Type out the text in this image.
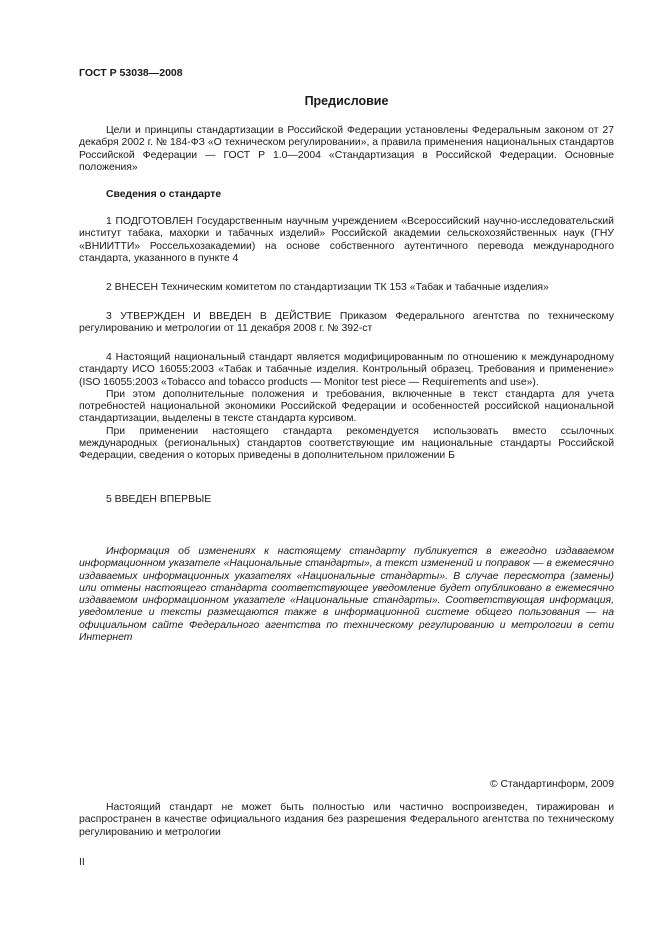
ГОСТ Р 53038—2008
Предисловие

Цели и принципы стандартизации в Российской Федерации установлены Федеральным законом от 27 декабря 2002 г. № 184-ФЗ «О техническом регулировании», а правила применения национальных стандартов Российской Федерации — ГОСТ Р 1.0—2004 «Стандартизация в Российской Федерации. Основные положения»

Сведения о стандарте

1 ПОДГОТОВЛЕН Государственным научным учреждением «Всероссийский научно-исследовательский институт табака, махорки и табачных изделий» Российской академии сельскохозяйственных наук (ГНУ «ВНИИТТИ» Россельхозакадемии) на основе собственного аутентичного перевода международного стандарта, указанного в пункте 4

2 ВНЕСЕН Техническим комитетом по стандартизации ТК 153 «Табак и табачные изделия»

3 УТВЕРЖДЕН И ВВЕДЕН В ДЕЙСТВИЕ Приказом Федерального агентства по техническому регулированию и метрологии от 11 декабря 2008 г. № 392-ст

4 Настоящий национальный стандарт является модифицированным по отношению к международному стандарту ИСО 16055:2003 «Табак и табачные изделия. Контрольный образец. Требования и применение» (ISO 16055:2003 «Tobacco and tobacco products — Monitor test piece — Requirements and use»).

При этом дополнительные положения и требования, включенные в текст стандарта для учета потребностей национальной экономики Российской Федерации и особенностей российской национальной стандартизации, выделены в тексте стандарта курсивом.

При применении настоящего стандарта рекомендуется использовать вместо ссылочных международных (региональных) стандартов соответствующие им национальные стандарты Российской Федерации, сведения о которых приведены в дополнительном приложении Б

5 ВВЕДЕН ВПЕРВЫЕ

Информация об изменениях к настоящему стандарту публикуется в ежегодно издаваемом информационном указателе «Национальные стандарты», а текст изменений и поправок — в ежемесячно издаваемых информационных указателях «Национальные стандарты». В случае пересмотра (замены) или отмены настоящего стандарта соответствующее уведомление будет опубликовано в ежемесячно издаваемом информационном указателе «Национальные стандарты». Соответствующая информация, уведомление и тексты размещаются также в информационной системе общего пользования — на официальном сайте Федерального агентства по техническому регулированию и метрологии в сети Интернет

© Стандартинформ, 2009

Настоящий стандарт не может быть полностью или частично воспроизведен, тиражирован и распространен в качестве официального издания без разрешения Федерального агентства по техническому регулированию и метрологии

II
